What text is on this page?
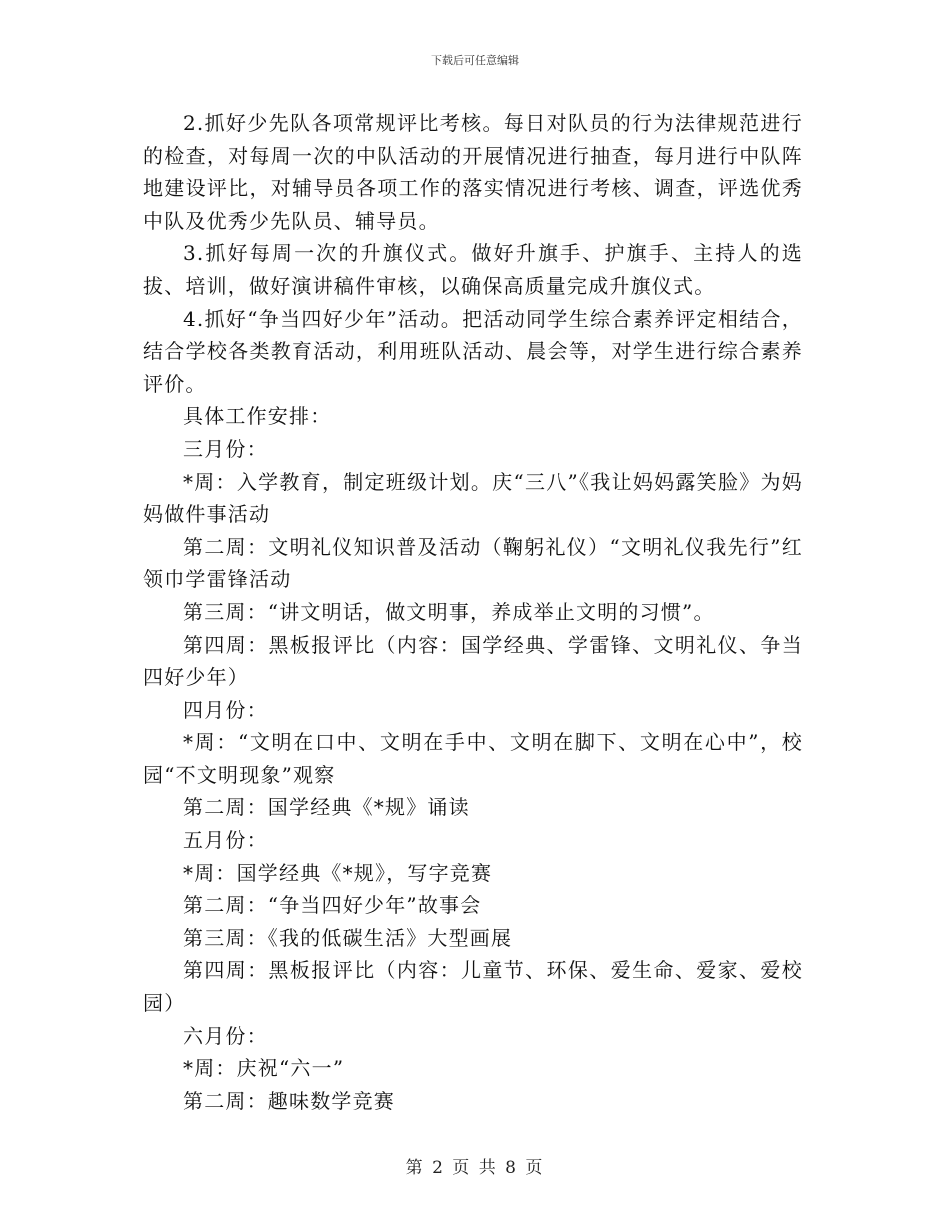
下载后可任意编辑

2.抓好少先队各项常规评比考核。每日对队员的行为法律规范进行的检查，对每周一次的中队活动的开展情况进行抽查，每月进行中队阵地建设评比，对辅导员各项工作的落实情况进行考核、调查，评选优秀中队及优秀少先队员、辅导员。

3.抓好每周一次的升旗仪式。做好升旗手、护旗手、主持人的选拔、培训，做好演讲稿件审核，以确保高质量完成升旗仪式。

4.抓好“争当四好少年”活动。把活动同学生综合素养评定相结合，结合学校各类教育活动，利用班队活动、晨会等，对学生进行综合素养评价。

具体工作安排：

三月份：

*周：入学教育，制定班级计划。庆“三八”《我让妈妈露笑脸》为妈妈做件事活动

第二周：文明礼仪知识普及活动（鞠躬礼仪）“文明礼仪我先行”红领巾学雷锋活动

第三周：“讲文明话，做文明事，养成举止文明的习惯”。

第四周：黑板报评比（内容：国学经典、学雷锋、文明礼仪、争当四好少年）

四月份：

*周：“文明在口中、文明在手中、文明在脚下、文明在心中”，校园“不文明现象”观察

第二周：国学经典《*规》诵读

五月份：

*周：国学经典《*规》，写字竞赛

第二周：“争当四好少年”故事会

第三周：《我的低碳生活》大型画展

第四周：黑板报评比（内容：儿童节、环保、爱生命、爱家、爱校园）

六月份：

*周：庆祝“六一”

第二周：趣味数学竞赛

第 2 页 共 8 页
